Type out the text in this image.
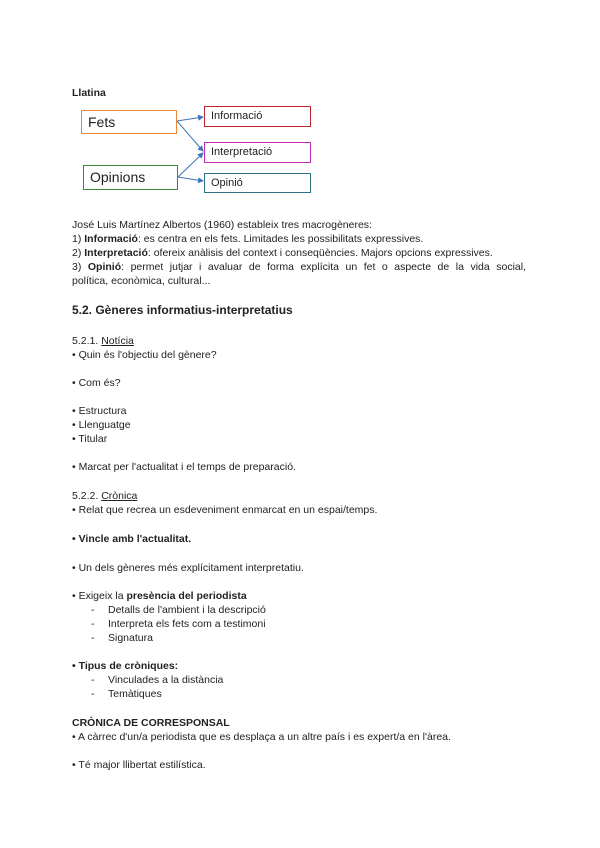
Llatina
Fets
Opinions
Informació
Interpretació
Opinió
José Luis Martínez Albertos (1960) estableix tres macrogèneres:
1) Informació: es centra en els fets. Limitades les possibilitats expressives.
2) Interpretació: ofereix anàlisis del context i conseqüències. Majors opcions expressives.
3) Opinió: permet jutjar i avaluar de forma explícita un fet o aspecte de la vida social,
política, econòmica, cultural...
5.2. Gèneres informatius-interpretatius
5.2.1. Notícia
• Quin és l'objectiu del gènere?
• Com és?
• Estructura
• Llenguatge
• Titular
• Marcat per l'actualitat i el temps de preparació.
5.2.2. Crònica
• Relat que recrea un esdeveniment enmarcat en un espai/temps.
• Vincle amb l'actualitat.
• Un dels gèneres més explícitament interpretatiu.
• Exigeix la presència del periodista
- Detalls de l'ambient i la descripció
- Interpreta els fets com a testimoni
- Signatura
• Tipus de cròniques:
- Vinculades a la distància
- Temàtiques
CRÒNICA DE CORRESPONSAL
• A càrrec d'un/a periodista que es desplaça a un altre país i es expert/a en l'àrea.
• Té major llibertat estilística.
